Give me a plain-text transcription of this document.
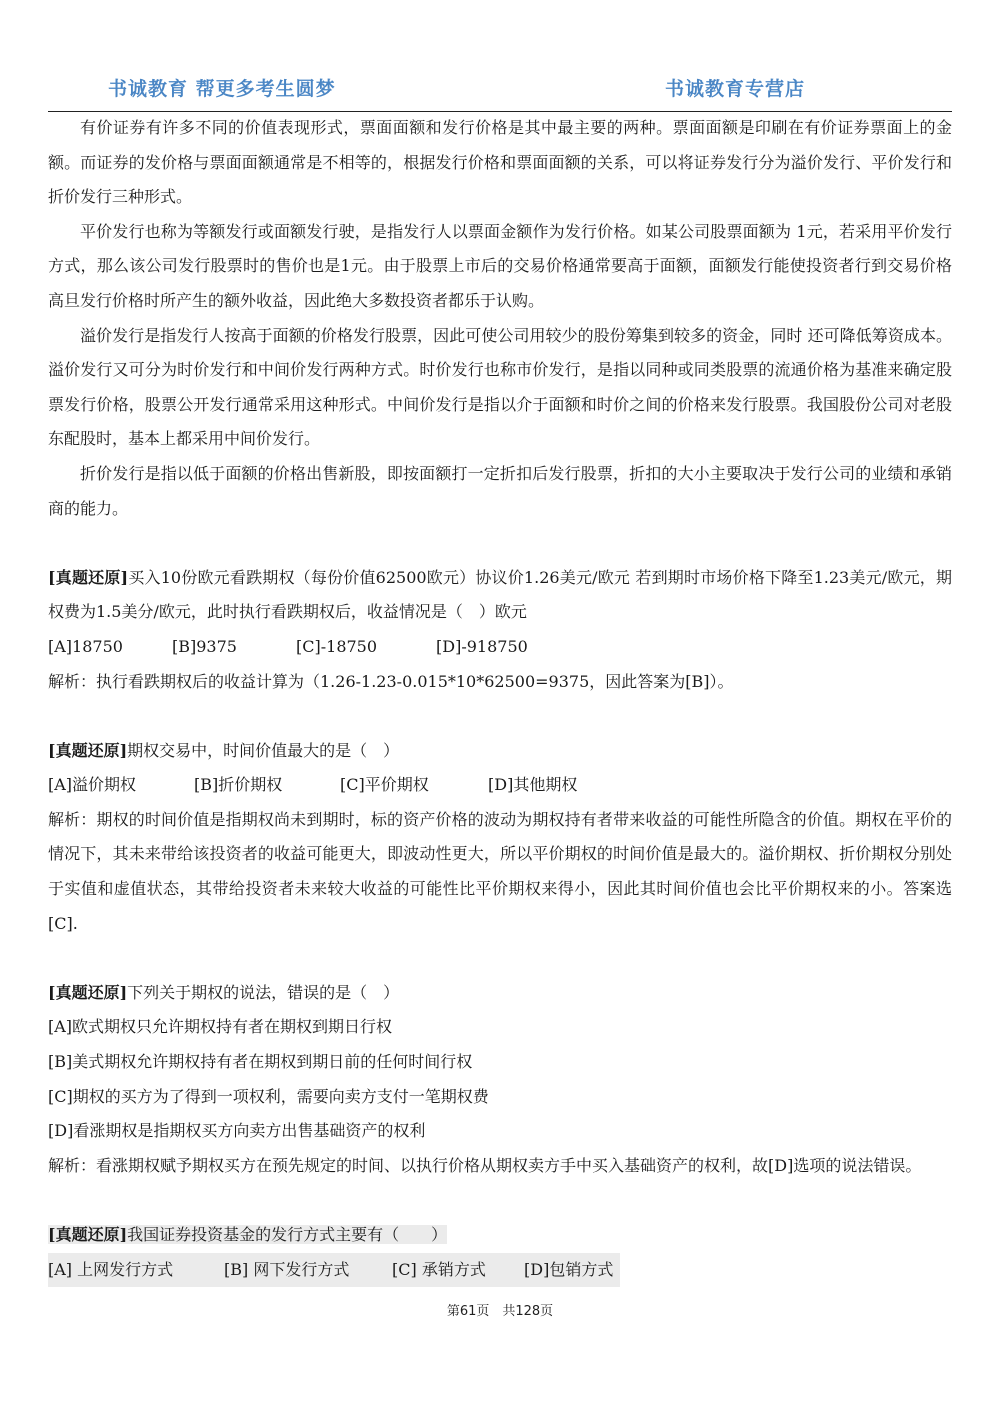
书诚教育 帮更多考生圆梦	书诚教育专营店

有价证券有许多不同的价值表现形式，票面面额和发行价格是其中最主要的两种。票面面额是印刷在有价证券票面上的金额。而证券的发价格与票面面额通常是不相等的，根据发行价格和票面面额的关系，可以将证券发行分为溢价发行、平价发行和折价发行三种形式。

平价发行也称为等额发行或面额发行驶，是指发行人以票面金额作为发行价格。如某公司股票面额为 1元，若采用平价发行方式，那么该公司发行股票时的售价也是1元。由于股票上市后的交易价格通常要高于面额，面额发行能使投资者行到交易价格高旦发行价格时所产生的额外收益，因此绝大多数投资者都乐于认购。

溢价发行是指发行人按高于面额的价格发行股票，因此可使公司用较少的股份筹集到较多的资金，同时 还可降低筹资成本。溢价发行又可分为时价发行和中间价发行两种方式。时价发行也称市价发行，是指以同种或同类股票的流通价格为基准来确定股票发行价格，股票公开发行通常采用这种形式。中间价发行是指以介于面额和时价之间的价格来发行股票。我国股份公司对老股东配股时，基本上都采用中间价发行。

折价发行是指以低于面额的价格出售新股，即按面额打一定折扣后发行股票，折扣的大小主要取决于发行公司的业绩和承销商的能力。

[真题还原]买入10份欧元看跌期权（每份价值62500欧元）协议价1.26美元/欧元 若到期时市场价格下降至1.23美元/欧元，期权费为1.5美分/欧元，此时执行看跌期权后，收益情况是（　）欧元

[A]18750	[B]9375	[C]-18750	[D]-918750

解析：执行看跌期权后的收益计算为（1.26-1.23-0.015*10*62500=9375，因此答案为[B]）。

[真题还原]期权交易中，时间价值最大的是（　）

[A]溢价期权	[B]折价期权	[C]平价期权	[D]其他期权

解析：期权的时间价值是指期权尚未到期时，标的资产价格的波动为期权持有者带来收益的可能性所隐含的价值。期权在平价的情况下，其未来带给该投资者的收益可能更大，即波动性更大，所以平价期权的时间价值是最大的。溢价期权、折价期权分别处于实值和虚值状态，其带给投资者未来较大收益的可能性比平价期权来得小，因此其时间价值也会比平价期权来的小。答案选[C].

[真题还原]下列关于期权的说法，错误的是（　）

[A]欧式期权只允许期权持有者在期权到期日行权

[B]美式期权允许期权持有者在期权到期日前的任何时间行权

[C]期权的买方为了得到一项权利，需要向卖方支付一笔期权费

[D]看涨期权是指期权买方向卖方出售基础资产的权利

解析：看涨期权赋予期权买方在预先规定的时间、以执行价格从期权卖方手中买入基础资产的权利，故[D]选项的说法错误。

[真题还原]我国证券投资基金的发行方式主要有（　　）

[A] 上网发行方式	[B] 网下发行方式	[C] 承销方式 [D]包销方式

第61页　共128页
